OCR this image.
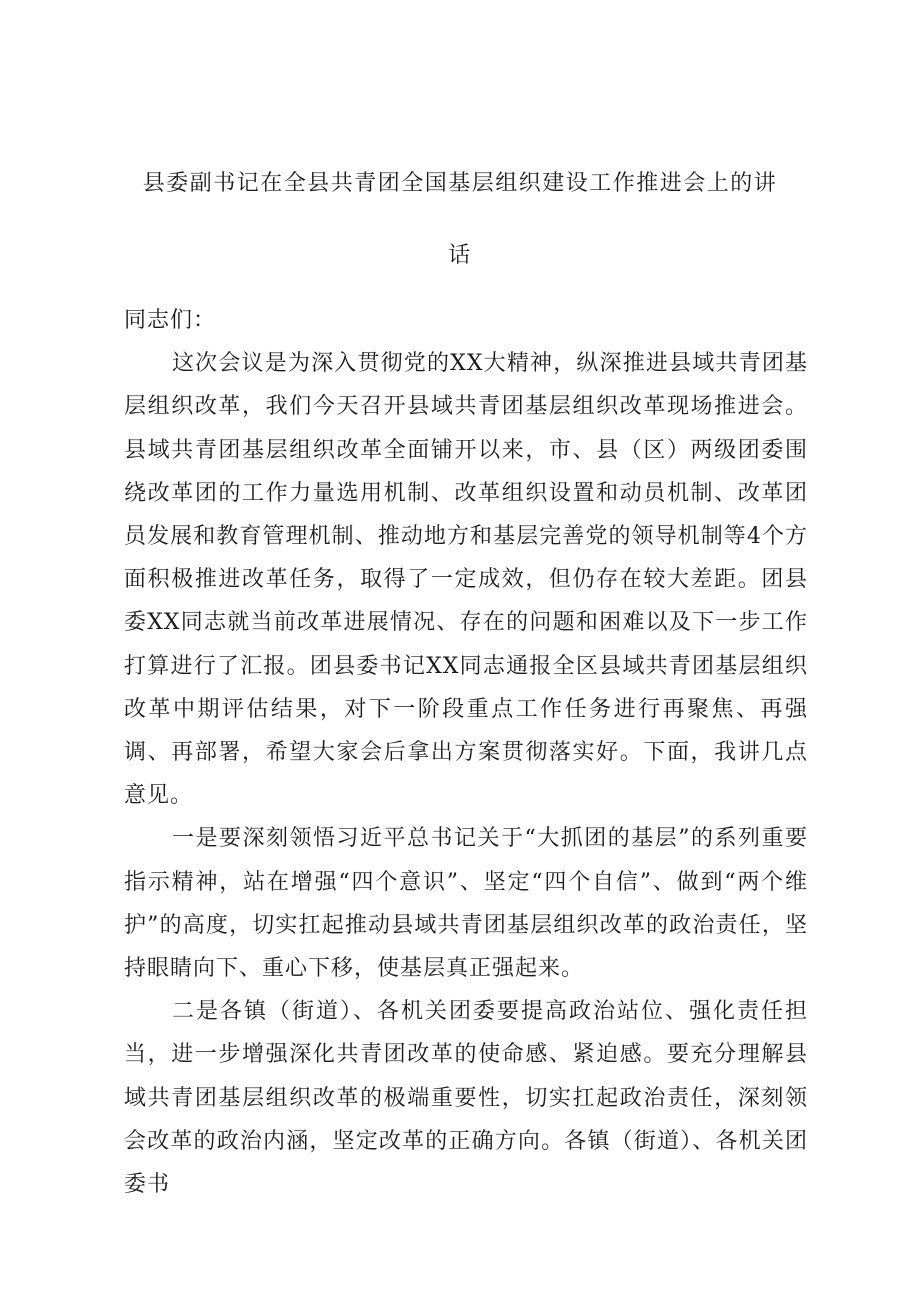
县委副书记在全县共青团全国基层组织建设工作推进会上的讲话

同志们：

这次会议是为深入贯彻党的XX大精神，纵深推进县域共青团基层组织改革，我们今天召开县域共青团基层组织改革现场推进会。县域共青团基层组织改革全面铺开以来，市、县（区）两级团委围绕改革团的工作力量选用机制、改革组织设置和动员机制、改革团员发展和教育管理机制、推动地方和基层完善党的领导机制等4个方面积极推进改革任务，取得了一定成效，但仍存在较大差距。团县委XX同志就当前改革进展情况、存在的问题和困难以及下一步工作打算进行了汇报。团县委书记XX同志通报全区县域共青团基层组织改革中期评估结果，对下一阶段重点工作任务进行再聚焦、再强调、再部署，希望大家会后拿出方案贯彻落实好。下面，我讲几点意见。

一是要深刻领悟习近平总书记关于“大抓团的基层”的系列重要指示精神，站在增强“四个意识”、坚定“四个自信”、做到“两个维护”的高度，切实扛起推动县域共青团基层组织改革的政治责任，坚持眼睛向下、重心下移，使基层真正强起来。

二是各镇（街道）、各机关团委要提高政治站位、强化责任担当，进一步增强深化共青团改革的使命感、紧迫感。要充分理解县域共青团基层组织改革的极端重要性，切实扛起政治责任，深刻领会改革的政治内涵，坚定改革的正确方向。各镇（街道）、各机关团委书
